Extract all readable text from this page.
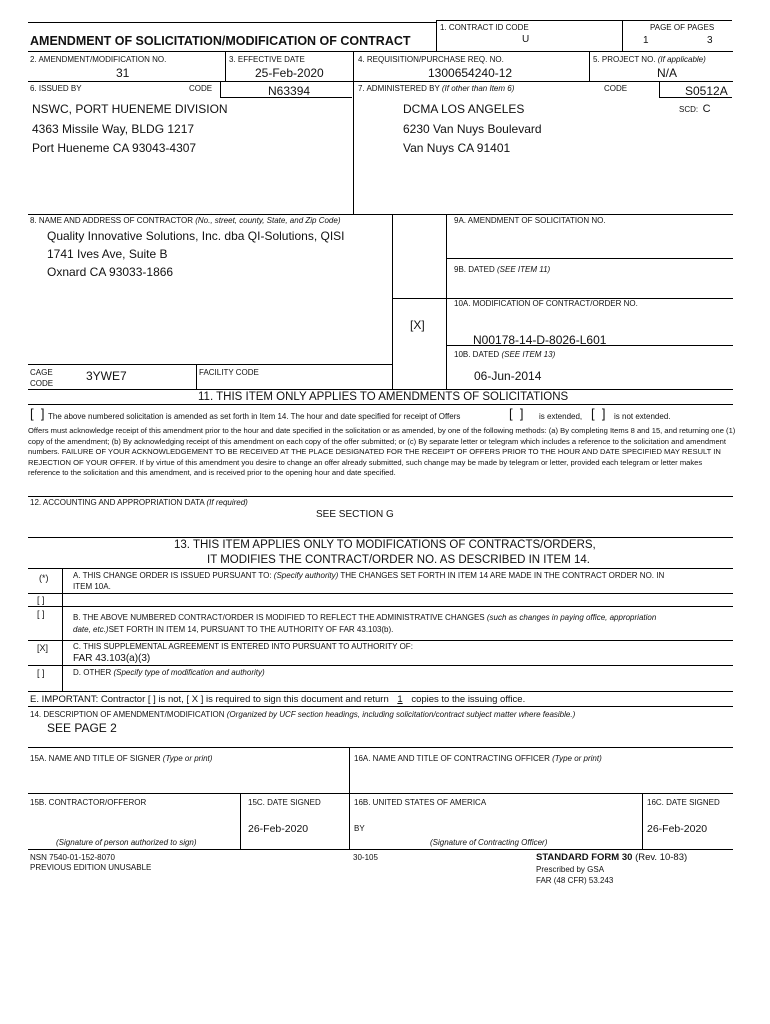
AMENDMENT OF SOLICITATION/MODIFICATION OF CONTRACT
1. CONTRACT ID CODE
U
PAGE OF PAGES
1	3
2. AMENDMENT/MODIFICATION NO.
31
3. EFFECTIVE DATE
25-Feb-2020
4. REQUISITION/PURCHASE REQ. NO.
1300654240-12
5. PROJECT NO. (If applicable)
N/A
6. ISSUED BY	CODE	N63394	7. ADMINISTERED BY (If other than Item 6)	CODE	S0512A
SCD: C
NSWC, PORT HUENEME DIVISION
4363 Missile Way, BLDG 1217
Port Hueneme CA 93043-4307
DCMA LOS ANGELES
6230 Van Nuys Boulevard
Van Nuys CA 91401
8. NAME AND ADDRESS OF CONTRACTOR (No., street, county, State, and Zip Code)
Quality Innovative Solutions, Inc. dba QI-Solutions, QISI
1741 Ives Ave, Suite B
Oxnard CA 93033-1866
9A. AMENDMENT OF SOLICITATION NO.
9B. DATED (SEE ITEM 11)
10A. MODIFICATION OF CONTRACT/ORDER NO.
[X]
N00178-14-D-8026-L601
10B. DATED (SEE ITEM 13)
06-Jun-2014
CAGE
CODE
3YWE7	FACILITY CODE
11. THIS ITEM ONLY APPLIES TO AMENDMENTS OF SOLICITATIONS
[  ] The above numbered solicitation is amended as set forth in Item 14. The hour and date specified for receipt of Offers	[  ] is extended, [  ] is not extended.
Offers must acknowledge receipt of this amendment prior to the hour and date specified in the solicitation or as amended, by one of the following methods: (a) By completing Items 8 and 15, and returning one (1) copy of the amendment; (b) By acknowledging receipt of this amendment on each copy of the offer submitted; or (c) By separate letter or telegram which includes a reference to the solicitation and amendment numbers. FAILURE OF YOUR ACKNOWLEDGEMENT TO BE RECEIVED AT THE PLACE DESIGNATED FOR THE RECEIPT OF OFFERS PRIOR TO THE HOUR AND DATE SPECIFIED MAY RESULT IN REJECTION OF YOUR OFFER. If by virtue of this amendment you desire to change an offer already submitted, such change may be made by telegram or letter, provided each telegram or letter makes reference to the solicitation and this amendment, and is received prior to the opening hour and date specified.
12. ACCOUNTING AND APPROPRIATION DATA (If required)
SEE SECTION G
13. THIS ITEM APPLIES ONLY TO MODIFICATIONS OF CONTRACTS/ORDERS,
IT MODIFIES THE CONTRACT/ORDER NO. AS DESCRIBED IN ITEM 14.
(*)	A. THIS CHANGE ORDER IS ISSUED PURSUANT TO: (Specify authority) THE CHANGES SET FORTH IN ITEM 14 ARE MADE IN THE CONTRACT ORDER NO. IN
ITEM 10A.
[ ]
[ ]	B. THE ABOVE NUMBERED CONTRACT/ORDER IS MODIFIED TO REFLECT THE ADMINISTRATIVE CHANGES (such as changes in paying office, appropriation
date, etc.)SET FORTH IN ITEM 14, PURSUANT TO THE AUTHORITY OF FAR 43.103(b).
[X]	C. THIS SUPPLEMENTAL AGREEMENT IS ENTERED INTO PURSUANT TO AUTHORITY OF:
FAR 43.103(a)(3)
[ ]	D. OTHER (Specify type of modification and authority)
E. IMPORTANT: Contractor [ ] is not, [ X ] is required to sign this document and return 1 copies to the issuing office.
14. DESCRIPTION OF AMENDMENT/MODIFICATION (Organized by UCF section headings, including solicitation/contract subject matter where feasible.)
SEE PAGE 2
15A. NAME AND TITLE OF SIGNER (Type or print)	16A. NAME AND TITLE OF CONTRACTING OFFICER (Type or print)
15B. CONTRACTOR/OFFEROR	15C. DATE SIGNED	16B. UNITED STATES OF AMERICA	16C. DATE SIGNED
26-Feb-2020	BY	26-Feb-2020
(Signature of person authorized to sign)	(Signature of Contracting Officer)
NSN 7540-01-152-8070
PREVIOUS EDITION UNUSABLE
30-105	STANDARD FORM 30 (Rev. 10-83)
Prescribed by GSA
FAR (48 CFR) 53.243
